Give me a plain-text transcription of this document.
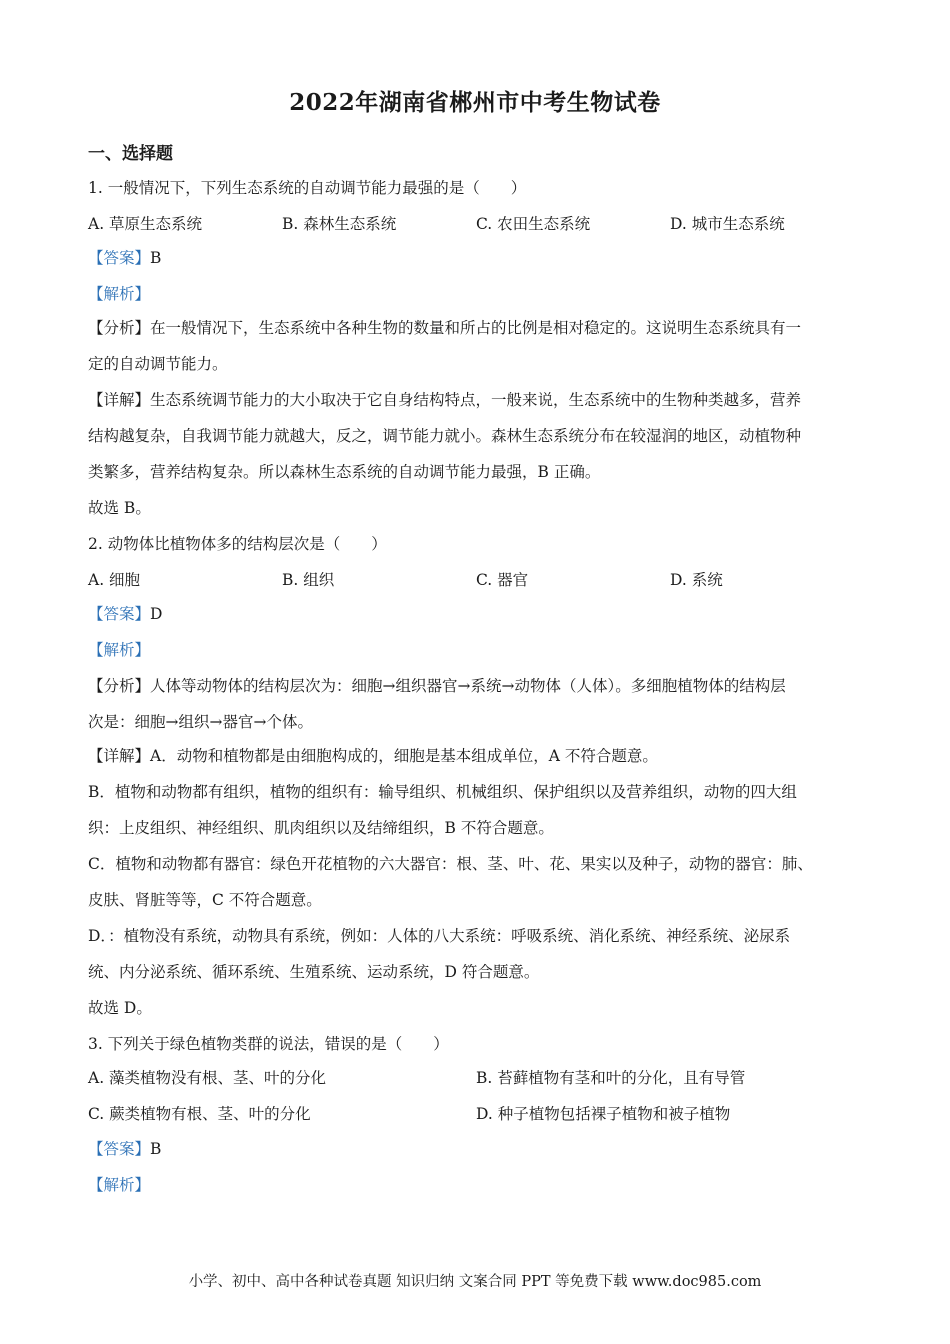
2022年湖南省郴州市中考生物试卷
一、选择题
1. 一般情况下，下列生态系统的自动调节能力最强的是（　　）
A. 草原生态系统	B. 森林生态系统	C. 农田生态系统	D. 城市生态系统
【答案】B
【解析】
【分析】在一般情况下，生态系统中各种生物的数量和所占的比例是相对稳定的。这说明生态系统具有一
定的自动调节能力。
【详解】生态系统调节能力的大小取决于它自身结构特点，一般来说，生态系统中的生物种类越多，营养
结构越复杂，自我调节能力就越大，反之，调节能力就小。森林生态系统分布在较湿润的地区，动植物种
类繁多，营养结构复杂。所以森林生态系统的自动调节能力最强，B 正确。
故选 B。
2. 动物体比植物体多的结构层次是（　　）
A. 细胞	B. 组织	C. 器官	D. 系统
【答案】D
【解析】
【分析】人体等动物体的结构层次为：细胞→组织器官→系统→动物体（人体）。多细胞植物体的结构层
次是：细胞→组织→器官→个体。
【详解】A．动物和植物都是由细胞构成的，细胞是基本组成单位，A 不符合题意。
B．植物和动物都有组织，植物的组织有：输导组织、机械组织、保护组织以及营养组织，动物的四大组
织：上皮组织、神经组织、肌肉组织以及结缔组织，B 不符合题意。
C．植物和动物都有器官：绿色开花植物的六大器官：根、茎、叶、花、果实以及种子，动物的器官：肺、
皮肤、肾脏等等，C 不符合题意。
D．：植物没有系统，动物具有系统，例如：人体的八大系统：呼吸系统、消化系统、神经系统、泌尿系
统、内分泌系统、循环系统、生殖系统、运动系统，D 符合题意。
故选 D。
3. 下列关于绿色植物类群的说法，错误的是（　　）
A. 藻类植物没有根、茎、叶的分化	B. 苔藓植物有茎和叶的分化，且有导管
C. 蕨类植物有根、茎、叶的分化	D. 种子植物包括裸子植物和被子植物
【答案】B
【解析】
小学、初中、高中各种试卷真题 知识归纳 文案合同 PPT 等免费下载 www.doc985.com
